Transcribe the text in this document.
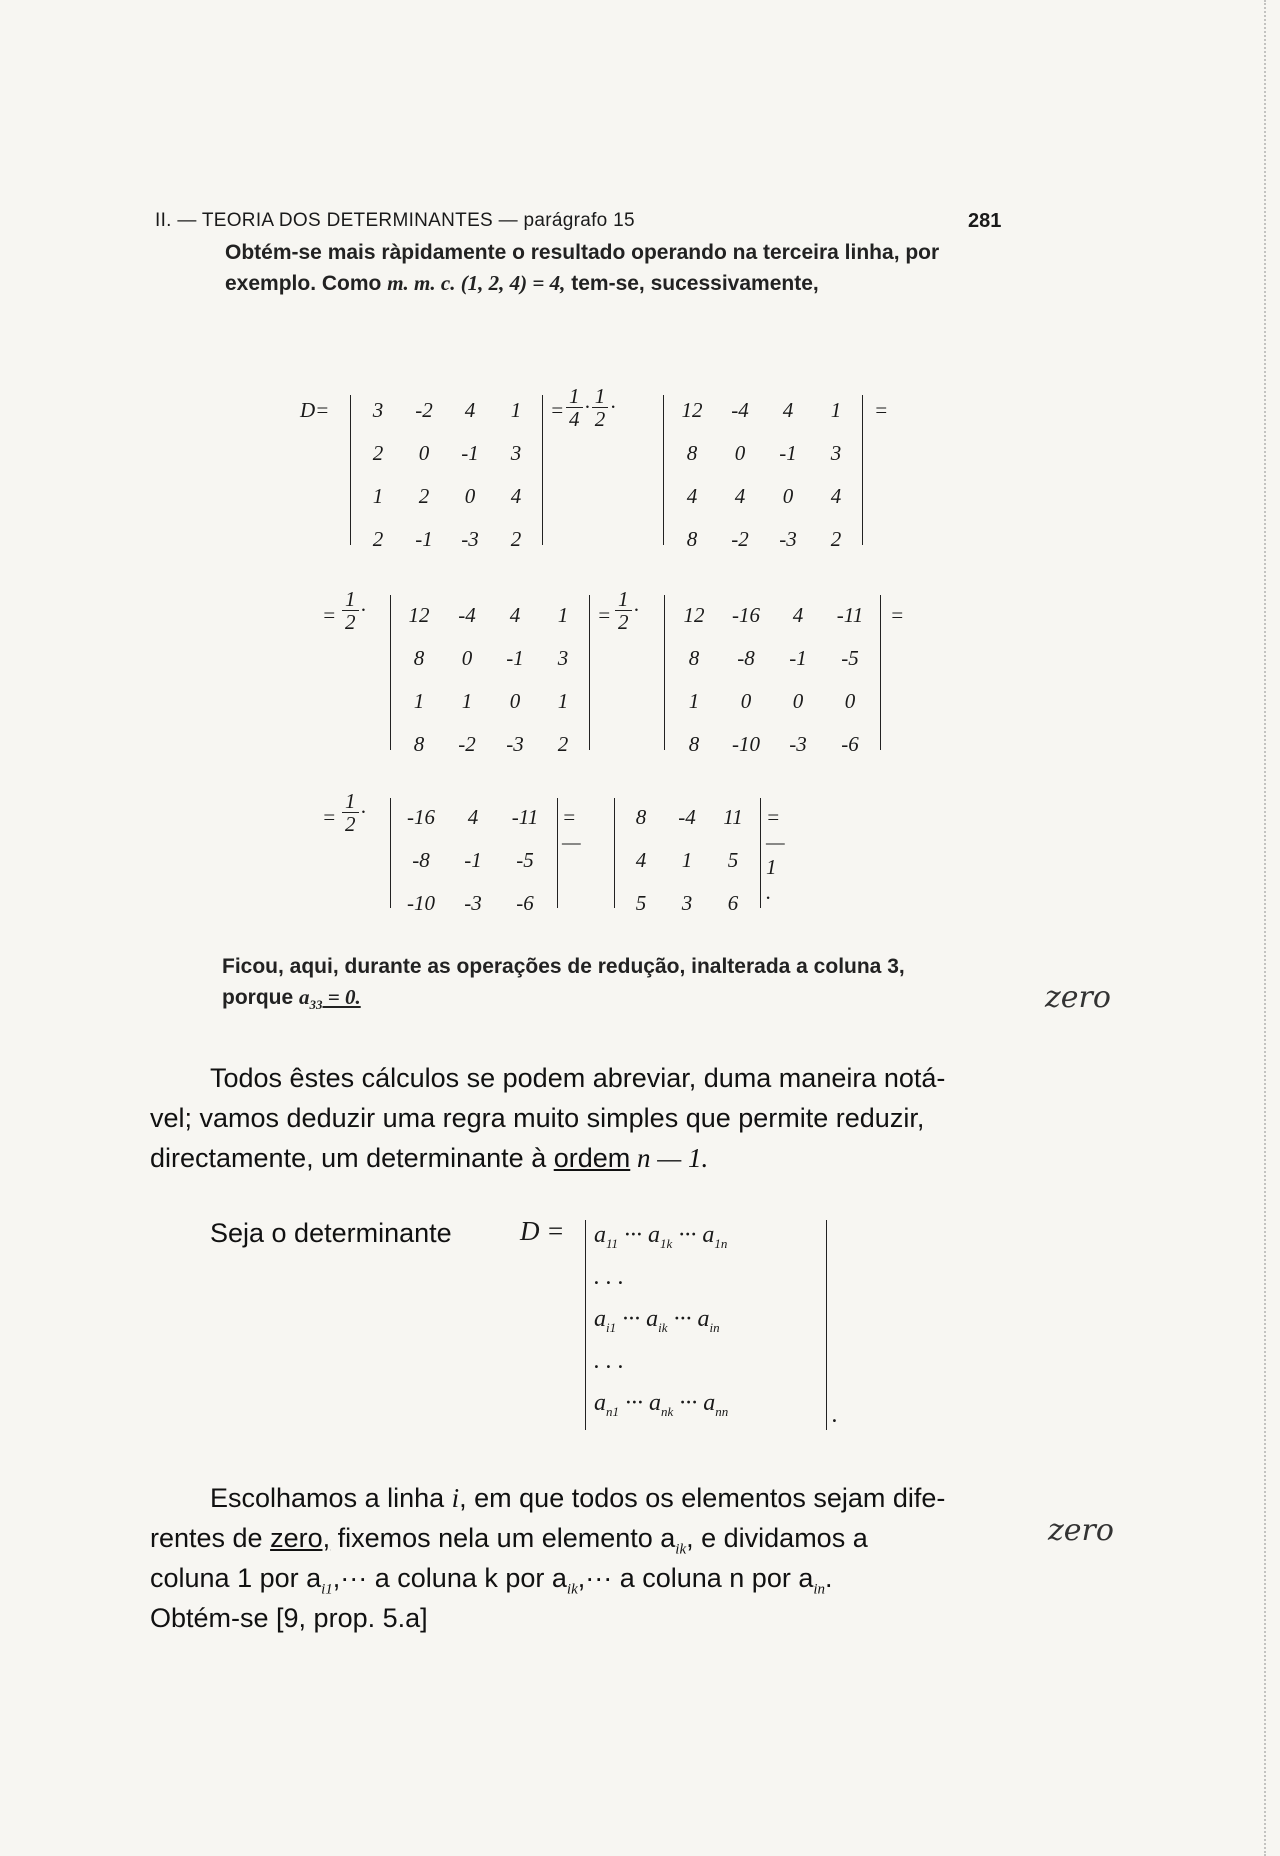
II. — TEORIA DOS DETERMINANTES — parágrafo 15	281
Obtém-se mais ràpidamente o resultado operando na terceira linha, por
exemplo. Como m. m. c. (1, 2, 4) = 4, tem-se, sucessivamente,
D=	3	-2	4	1
2	0	-1	3
1	2	0	4
2	-1	-3	2
=
1
4 · 1
2 ·	12	-4	4	1
8	0	-1	3
4	4	0	4
8	-2	-3	2
=
=
1
2 ·	12	-4	4	1
8	0	-1	3
1	1	0	1
8	-2	-3	2
=
1
2 ·	12	-16	4	-11
8	-8	-1	-5
1	0	0	0
8	-10	-3	-6
=
=
1
2 ·	-16	4	-11
-8	-1	-5
-10	-3	-6
= —
8	-4	11
4	1	5
5	3	6
= — 1 .
Ficou, aqui, durante as operações de redução, inalterada a coluna 3,
porque $a_{33} = 0$.	zero
Todos êstes cálculos se podem abreviar, duma maneira notá-
vel; vamos deduzir uma regra muito simples que permite reduzir,
directamente, um determinante à ordem n — 1.
Seja o determinante	$D = a_{11}$ ··· $a_{1k}$ ··· $a_{1n}$
. . .
$a_{i1}$ ··· $a_{ik}$ ··· $a_{in}$
. . .
$a_{n1}$ ··· $a_{nk}$ ··· $a_{nn}$	.
Escolhamos a linha i, em que todos os elementos sejam dife-
rentes de zero, fixemos nela um elemento $a_{ik}$, e dividamos a
coluna 1 por $a_{i1},\cdot\cdot\cdot a$ coluna k por $a_{ik},\cdot\cdot\cdot a$ coluna n por $a_{in}$.
Obtém-se [9, prop. 5.a]
zero
